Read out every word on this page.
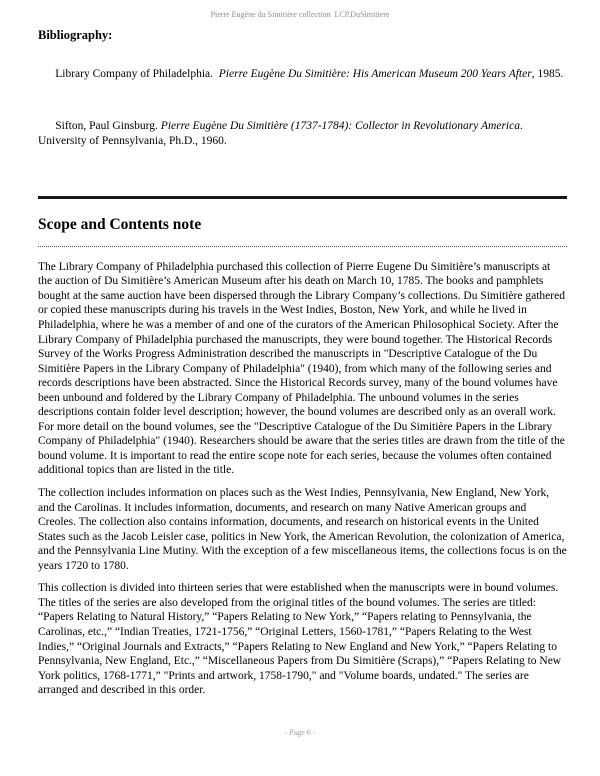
Pierre Eugène du Simitière collection  LCP.DuSimitiere
Bibliography:

Library Company of Philadelphia.  Pierre Eugène Du Simitière: His American Museum 200 Years After, 1985.

Sifton, Paul Ginsburg. Pierre Eugène Du Simitière (1737-1784): Collector in Revolutionary America. University of Pennsylvania, Ph.D., 1960.

Scope and Contents note

The Library Company of Philadelphia purchased this collection of Pierre Eugene Du Simitière’s manuscripts at the auction of Du Simitière’s American Museum after his death on March 10, 1785. The books and pamphlets bought at the same auction have been dispersed through the Library Company’s collections. Du Simitière gathered or copied these manuscripts during his travels in the West Indies, Boston, New York, and while he lived in Philadelphia, where he was a member of and one of the curators of the American Philosophical Society. After the Library Company of Philadelphia purchased the manuscripts, they were bound together. The Historical Records Survey of the Works Progress Administration described the manuscripts in "Descriptive Catalogue of the Du Simitière Papers in the Library Company of Philadelphia" (1940), from which many of the following series and records descriptions have been abstracted. Since the Historical Records survey, many of the bound volumes have been unbound and foldered by the Library Company of Philadelphia. The unbound volumes in the series descriptions contain folder level description; however, the bound volumes are described only as an overall work. For more detail on the bound volumes, see the "Descriptive Catalogue of the Du Simitière Papers in the Library Company of Philadelphia" (1940). Researchers should be aware that the series titles are drawn from the title of the bound volume. It is important to read the entire scope note for each series, because the volumes often contained additional topics than are listed in the title.

The collection includes information on places such as the West Indies, Pennsylvania, New England, New York, and the Carolinas. It includes information, documents, and research on many Native American groups and Creoles. The collection also contains information, documents, and research on historical events in the United States such as the Jacob Leisler case, politics in New York, the American Revolution, the colonization of America, and the Pennsylvania Line Mutiny. With the exception of a few miscellaneous items, the collections focus is on the years 1720 to 1780.

This collection is divided into thirteen series that were established when the manuscripts were in bound volumes. The titles of the series are also developed from the original titles of the bound volumes. The series are titled: “Papers Relating to Natural History,” “Papers Relating to New York,” “Papers relating to Pennsylvania, the Carolinas, etc.,” “Indian Treaties, 1721-1756,” “Original Letters, 1560-1781,” “Papers Relating to the West Indies,” “Original Journals and Extracts,” “Papers Relating to New England and New York,” “Papers Relating to Pennsylvania, New England, Etc.,” “Miscellaneous Papers from Du Simitière (Scraps),” “Papers Relating to New York politics, 1768-1771,” "Prints and artwork, 1758-1790," and "Volume boards, undated." The series are arranged and described in this order.

- Page 6 -
